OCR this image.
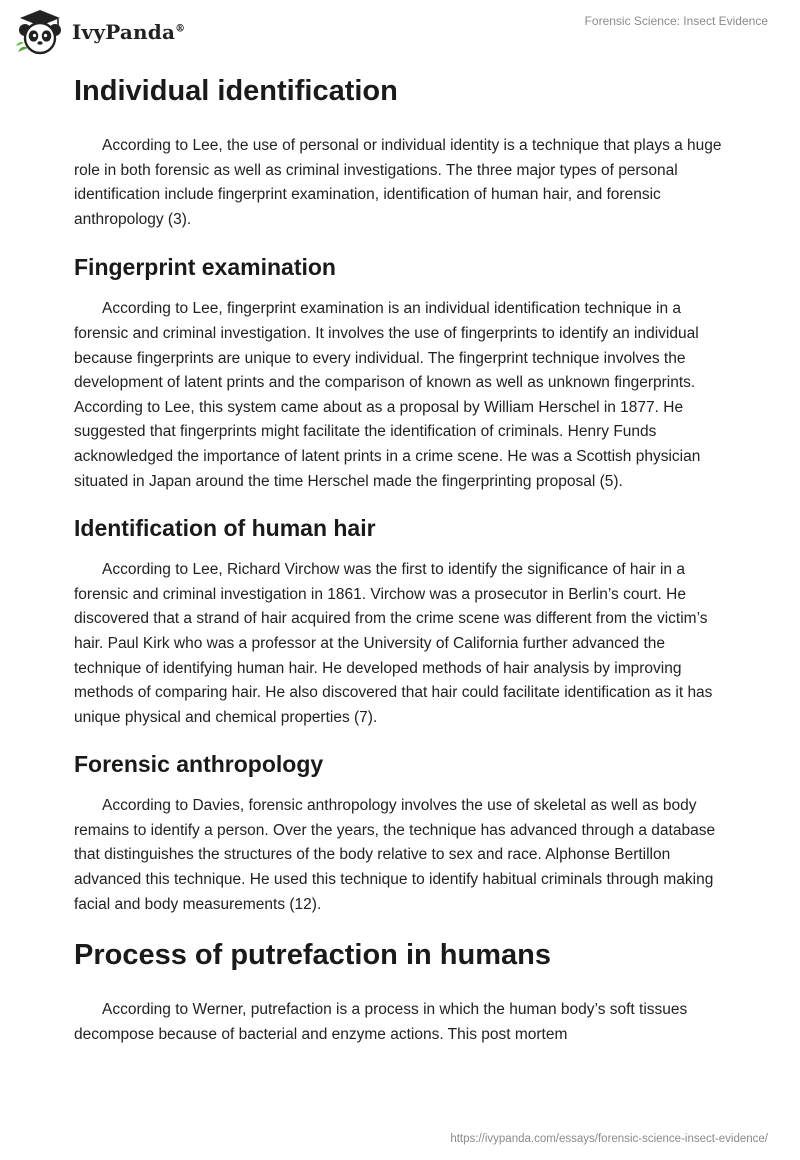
IvyPanda®
Forensic Science: Insect Evidence
Individual identification

According to Lee, the use of personal or individual identity is a technique that plays a huge role in both forensic as well as criminal investigations. The three major types of personal identification include fingerprint examination, identification of human hair, and forensic anthropology (3).

Fingerprint examination

According to Lee, fingerprint examination is an individual identification technique in a forensic and criminal investigation. It involves the use of fingerprints to identify an individual because fingerprints are unique to every individual. The fingerprint technique involves the development of latent prints and the comparison of known as well as unknown fingerprints. According to Lee, this system came about as a proposal by William Herschel in 1877. He suggested that fingerprints might facilitate the identification of criminals. Henry Funds acknowledged the importance of latent prints in a crime scene. He was a Scottish physician situated in Japan around the time Herschel made the fingerprinting proposal (5).

Identification of human hair

According to Lee, Richard Virchow was the first to identify the significance of hair in a forensic and criminal investigation in 1861. Virchow was a prosecutor in Berlin’s court. He discovered that a strand of hair acquired from the crime scene was different from the victim’s hair. Paul Kirk who was a professor at the University of California further advanced the technique of identifying human hair. He developed methods of hair analysis by improving methods of comparing hair. He also discovered that hair could facilitate identification as it has unique physical and chemical properties (7).

Forensic anthropology

According to Davies, forensic anthropology involves the use of skeletal as well as body remains to identify a person. Over the years, the technique has advanced through a database that distinguishes the structures of the body relative to sex and race. Alphonse Bertillon advanced this technique. He used this technique to identify habitual criminals through making facial and body measurements (12).

Process of putrefaction in humans

According to Werner, putrefaction is a process in which the human body’s soft tissues decompose because of bacterial and enzyme actions. This post mortem

https://ivypanda.com/essays/forensic-science-insect-evidence/
